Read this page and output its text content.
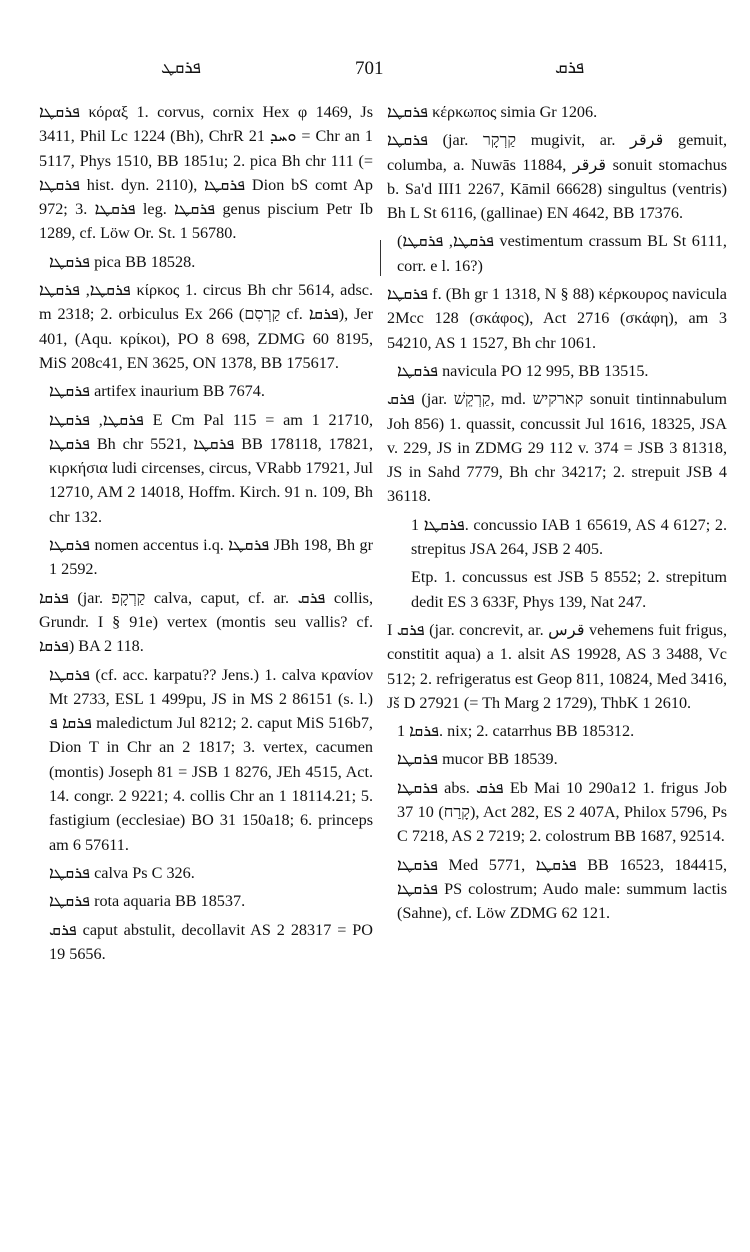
ܦܪܩܛ	701	ܦܪܩ

ܦܪܩܛܐ κόραξ 1. corvus, cornix Hex φ 1469, Js 3411, Phil Lc 1224 (Bh), ChrR ܘܚܕ 21 = Chr an 1 5117, Phys 1510, BB 1851u; 2. pica Bh chr 111 (= ܦܪܩܛܐ hist. dyn. 2110), ܦܪܩܛܐ Dion bS comt Ap 972; 3. ܦܪܩܛܐ leg. ܦܪܩܛܐ genus piscium Petr Ib 1289, cf. Löw Or. St. 1 56780.

ܦܪܩܛܐ pica BB 18528.

ܦܪܩܛܐ, ܦܪܩܛܐ κίρκος 1. circus Bh chr 5614, adsc. m 2318; 2. orbiculus Ex 266 (קַרְסִם cf. ܦܪܩܐ), Jer 401, (Aqu. κρίκοι), PO 8 698, ZDMG 60 8195, MiS 208c41, EN 3625, ON 1378, BB 175617.

ܦܪܩܛܐ artifex inaurium BB 7674.

ܦܪܩܛܐ, ܦܪܩܛܐ E Cm Pal 115 = am 1 21710, ܦܪܩܛܐ Bh chr 5521, ܦܪܩܛܐ BB 178118, 17821, κιρκήσια ludi circenses, circus, VRabb 17921, Jul 12710, AM 2 14018, Hoffm. Kirch. 91 n. 109, Bh chr 132.

ܦܪܩܛܐ nomen accentus i.q. ܦܪܩܛܐ JBh 198, Bh gr 1 2592.

ܦܪܩܐ (jar. קַרְקָפ calva, caput, cf. ar. ܦܪܩ collis, Grundr. I § 91e) vertex (montis seu vallis? cf. ܦܪܩܐ) BA 2 118.

ܦܪܩܛܐ (cf. acc. karpatu?? Jens.) 1. calva κρανίον Mt 2733, ESL 1 499pu, JS in MS 2 86151 (s. l.) ܦܪܩܐ ܦ maledictum Jul 8212; 2. caput MiS 516b7, Dion T in Chr an 2 1817; 3. vertex, cacumen (montis) Joseph 81 = JSB 1 8276, JEh 4515, Act. 14. congr. 2 9221; 4. collis Chr an 1 18114.21; 5. fastigium (ecclesiae) BO 31 150a18; 6. princeps am 6 57611.

ܦܪܩܛܐ calva Ps C 326.

ܦܪܩܛܐ rota aquaria BB 18537.

ܦܪܩ caput abstulit, decollavit AS 2 28317 = PO 19 5656.

ܦܪܩܛܐ κέρκωπος simia Gr 1206.

ܦܪܩܛܐ (jar. קַרְקָר mugivit, ar. قرقر gemuit, columba, a. Nuwās 11884, قرقر sonuit stomachus b. Sa'd III1 2267, Kāmil 66628) singultus (ventris) Bh L St 6116, (gallinae) EN 4642, BB 17376.

(ܦܪܩܛܐ, ܦܪܩܛܐ vestimentum crassum BL St 6111, corr. e l. 16?)

ܦܪܩܛܐ f. (Bh gr 1 1318, N § 88) κέρκουρος navicula 2Mcc 128 (σκάφος), Act 2716 (σκάφη), am 3 54210, AS 1 1527, Bh chr 1061.

ܦܪܩܛܐ navicula PO 12 995, BB 13515.

ܦܪܩ (jar. קַרְקֵשׁ, md. קארקיש sonuit tintinnabulum Joh 856) 1. quassit, concussit Jul 1616, 18325, JSA v. 229, JS in ZDMG 29 112 v. 374 = JSB 3 81318, JS in Sahd 7779, Bh chr 34217; 2. strepuit JSB 4 36118.

ܦܪܩܛܐ 1. concussio IAB 1 65619, AS 4 6127; 2. strepitus JSA 264, JSB 2 405.

Etp. 1. concussus est JSB 5 8552; 2. strepitum dedit ES 3 633F, Phys 139, Nat 247.

I ܦܪܩ (jar. concrevit, ar. قرس vehemens fuit frigus, constitit aqua) a 1. alsit AS 19928, AS 3 3488, Vc 512; 2. refrigeratus est Geop 811, 10824, Med 3416, Jš D 27921 (= Th Marg 2 1729), ThbK 1 2610.

ܦܪܩܐ 1. nix; 2. catarrhus BB 185312.

ܦܪܩܛܐ mucor BB 18539.

ܦܪܩܛܐ abs. ܦܪܩ Eb Mai 10 290a12 1. frigus Job 37 10 (קָרַח), Act 282, ES 2 407A, Philox 5796, Ps C 7218, AS 2 7219; 2. colostrum BB 1687, 92514.

ܦܪܩܛܐ Med 5771, ܦܪܩܛܐ BB 16523, 184415, ܦܪܩܛܐ PS colostrum; Audo male: summum lactis (Sahne), cf. Löw ZDMG 62 121.
